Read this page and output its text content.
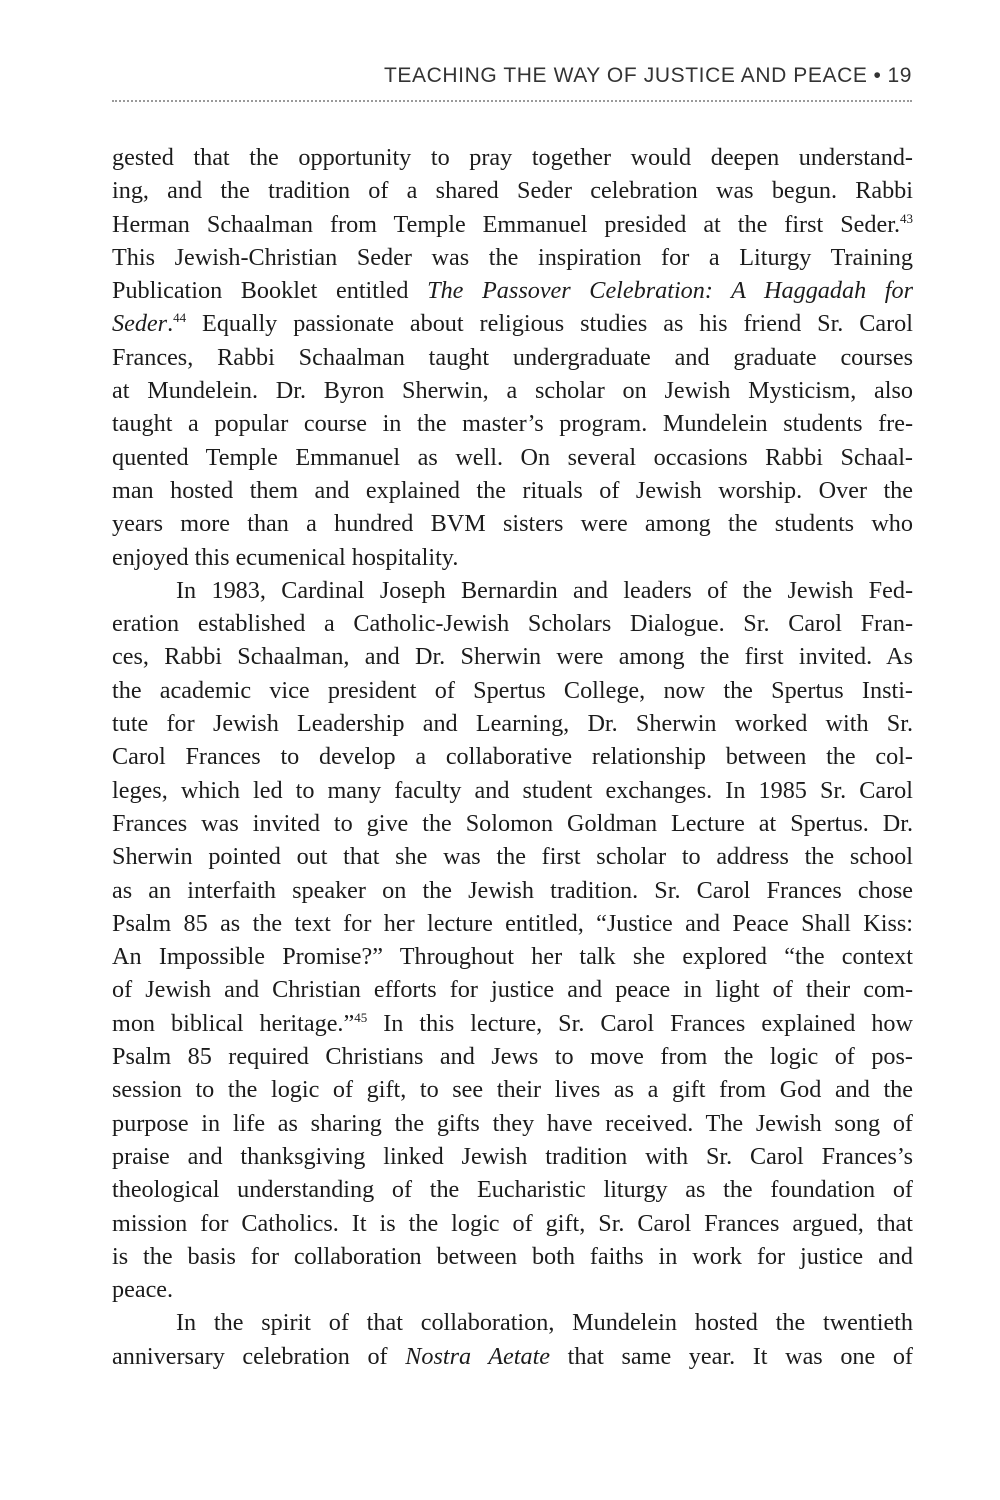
TEACHING THE WAY OF JUSTICE AND PEACE • 19
gested that the opportunity to pray together would deepen understand-
ing, and the tradition of a shared Seder celebration was begun. Rabbi
Herman Schaalman from Temple Emmanuel presided at the first Seder.$^{43}$
This Jewish-Christian Seder was the inspiration for a Liturgy Training
Publication Booklet entitled The Passover Celebration: A Haggadah for
Seder.$^{44}$ Equally passionate about religious studies as his friend Sr. Carol
Frances, Rabbi Schaalman taught undergraduate and graduate courses
at Mundelein. Dr. Byron Sherwin, a scholar on Jewish Mysticism, also
taught a popular course in the master’s program. Mundelein students fre-
quented Temple Emmanuel as well. On several occasions Rabbi Schaal-
man hosted them and explained the rituals of Jewish worship. Over the
years more than a hundred BVM sisters were among the students who
enjoyed this ecumenical hospitality.
In 1983, Cardinal Joseph Bernardin and leaders of the Jewish Fed-
eration established a Catholic-Jewish Scholars Dialogue. Sr. Carol Fran-
ces, Rabbi Schaalman, and Dr. Sherwin were among the first invited. As
the academic vice president of Spertus College, now the Spertus Insti-
tute for Jewish Leadership and Learning, Dr. Sherwin worked with Sr.
Carol Frances to develop a collaborative relationship between the col-
leges, which led to many faculty and student exchanges. In 1985 Sr. Carol
Frances was invited to give the Solomon Goldman Lecture at Spertus. Dr.
Sherwin pointed out that she was the first scholar to address the school
as an interfaith speaker on the Jewish tradition. Sr. Carol Frances chose
Psalm 85 as the text for her lecture entitled, “Justice and Peace Shall Kiss:
An Impossible Promise?” Throughout her talk she explored “the context
of Jewish and Christian efforts for justice and peace in light of their com-
mon biblical heritage.”$^{45}$ In this lecture, Sr. Carol Frances explained how
Psalm 85 required Christians and Jews to move from the logic of pos-
session to the logic of gift, to see their lives as a gift from God and the
purpose in life as sharing the gifts they have received. The Jewish song of
praise and thanksgiving linked Jewish tradition with Sr. Carol Frances’s
theological understanding of the Eucharistic liturgy as the foundation of
mission for Catholics. It is the logic of gift, Sr. Carol Frances argued, that
is the basis for collaboration between both faiths in work for justice and
peace.
In the spirit of that collaboration, Mundelein hosted the twentieth
anniversary celebration of Nostra Aetate that same year. It was one of
